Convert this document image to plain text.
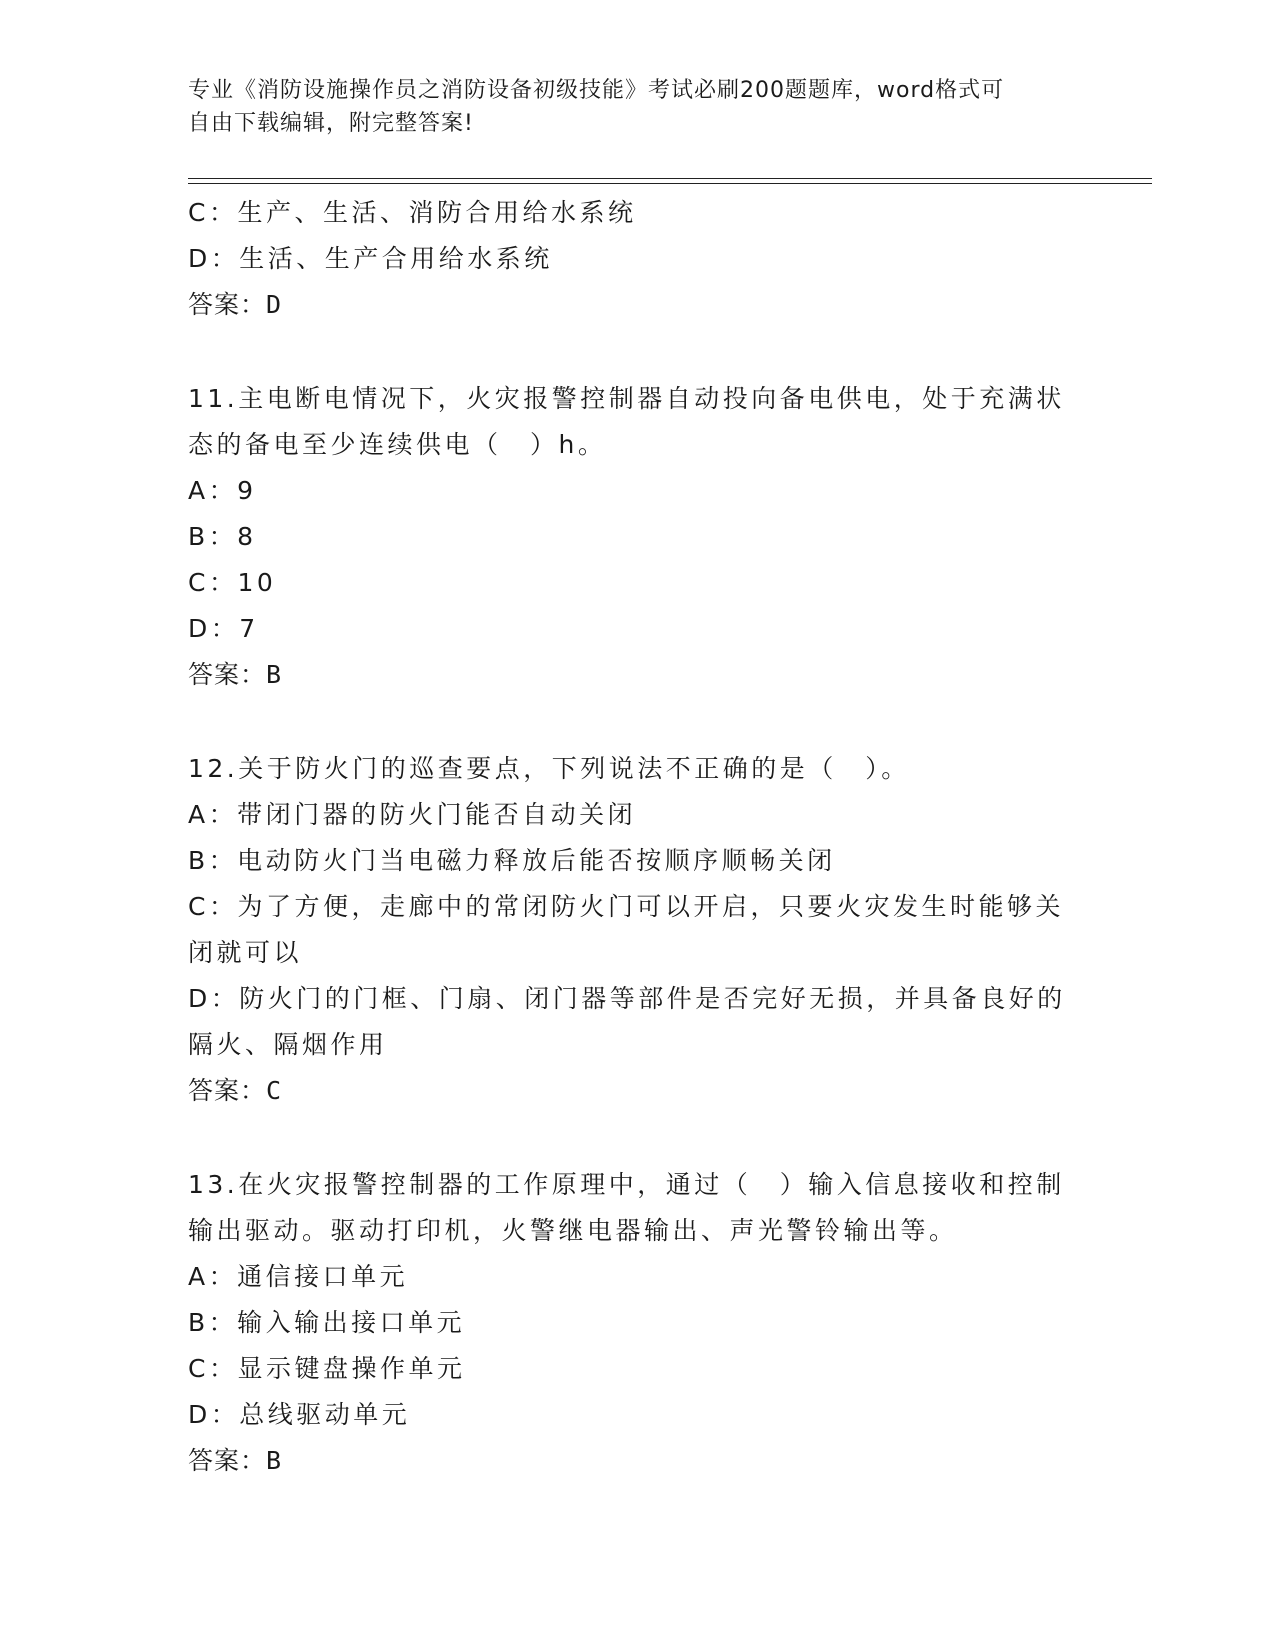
专业《消防设施操作员之消防设备初级技能》考试必刷200题题库，word格式可
自由下载编辑，附完整答案!
C：生产、生活、消防合用给水系统
D：生活、生产合用给水系统
答案：D
11.主电断电情况下，火灾报警控制器自动投向备电供电，处于充满状
态的备电至少连续供电（　）h。
A：9
B：8
C：10
D：7
答案：B
12.关于防火门的巡查要点，下列说法不正确的是（　）。
A：带闭门器的防火门能否自动关闭
B：电动防火门当电磁力释放后能否按顺序顺畅关闭
C：为了方便，走廊中的常闭防火门可以开启，只要火灾发生时能够关
闭就可以
D：防火门的门框、门扇、闭门器等部件是否完好无损，并具备良好的
隔火、隔烟作用
答案：C
13.在火灾报警控制器的工作原理中，通过（　）输入信息接收和控制
输出驱动。驱动打印机，火警继电器输出、声光警铃输出等。
A：通信接口单元
B：输入输出接口单元
C：显示键盘操作单元
D：总线驱动单元
答案：B
